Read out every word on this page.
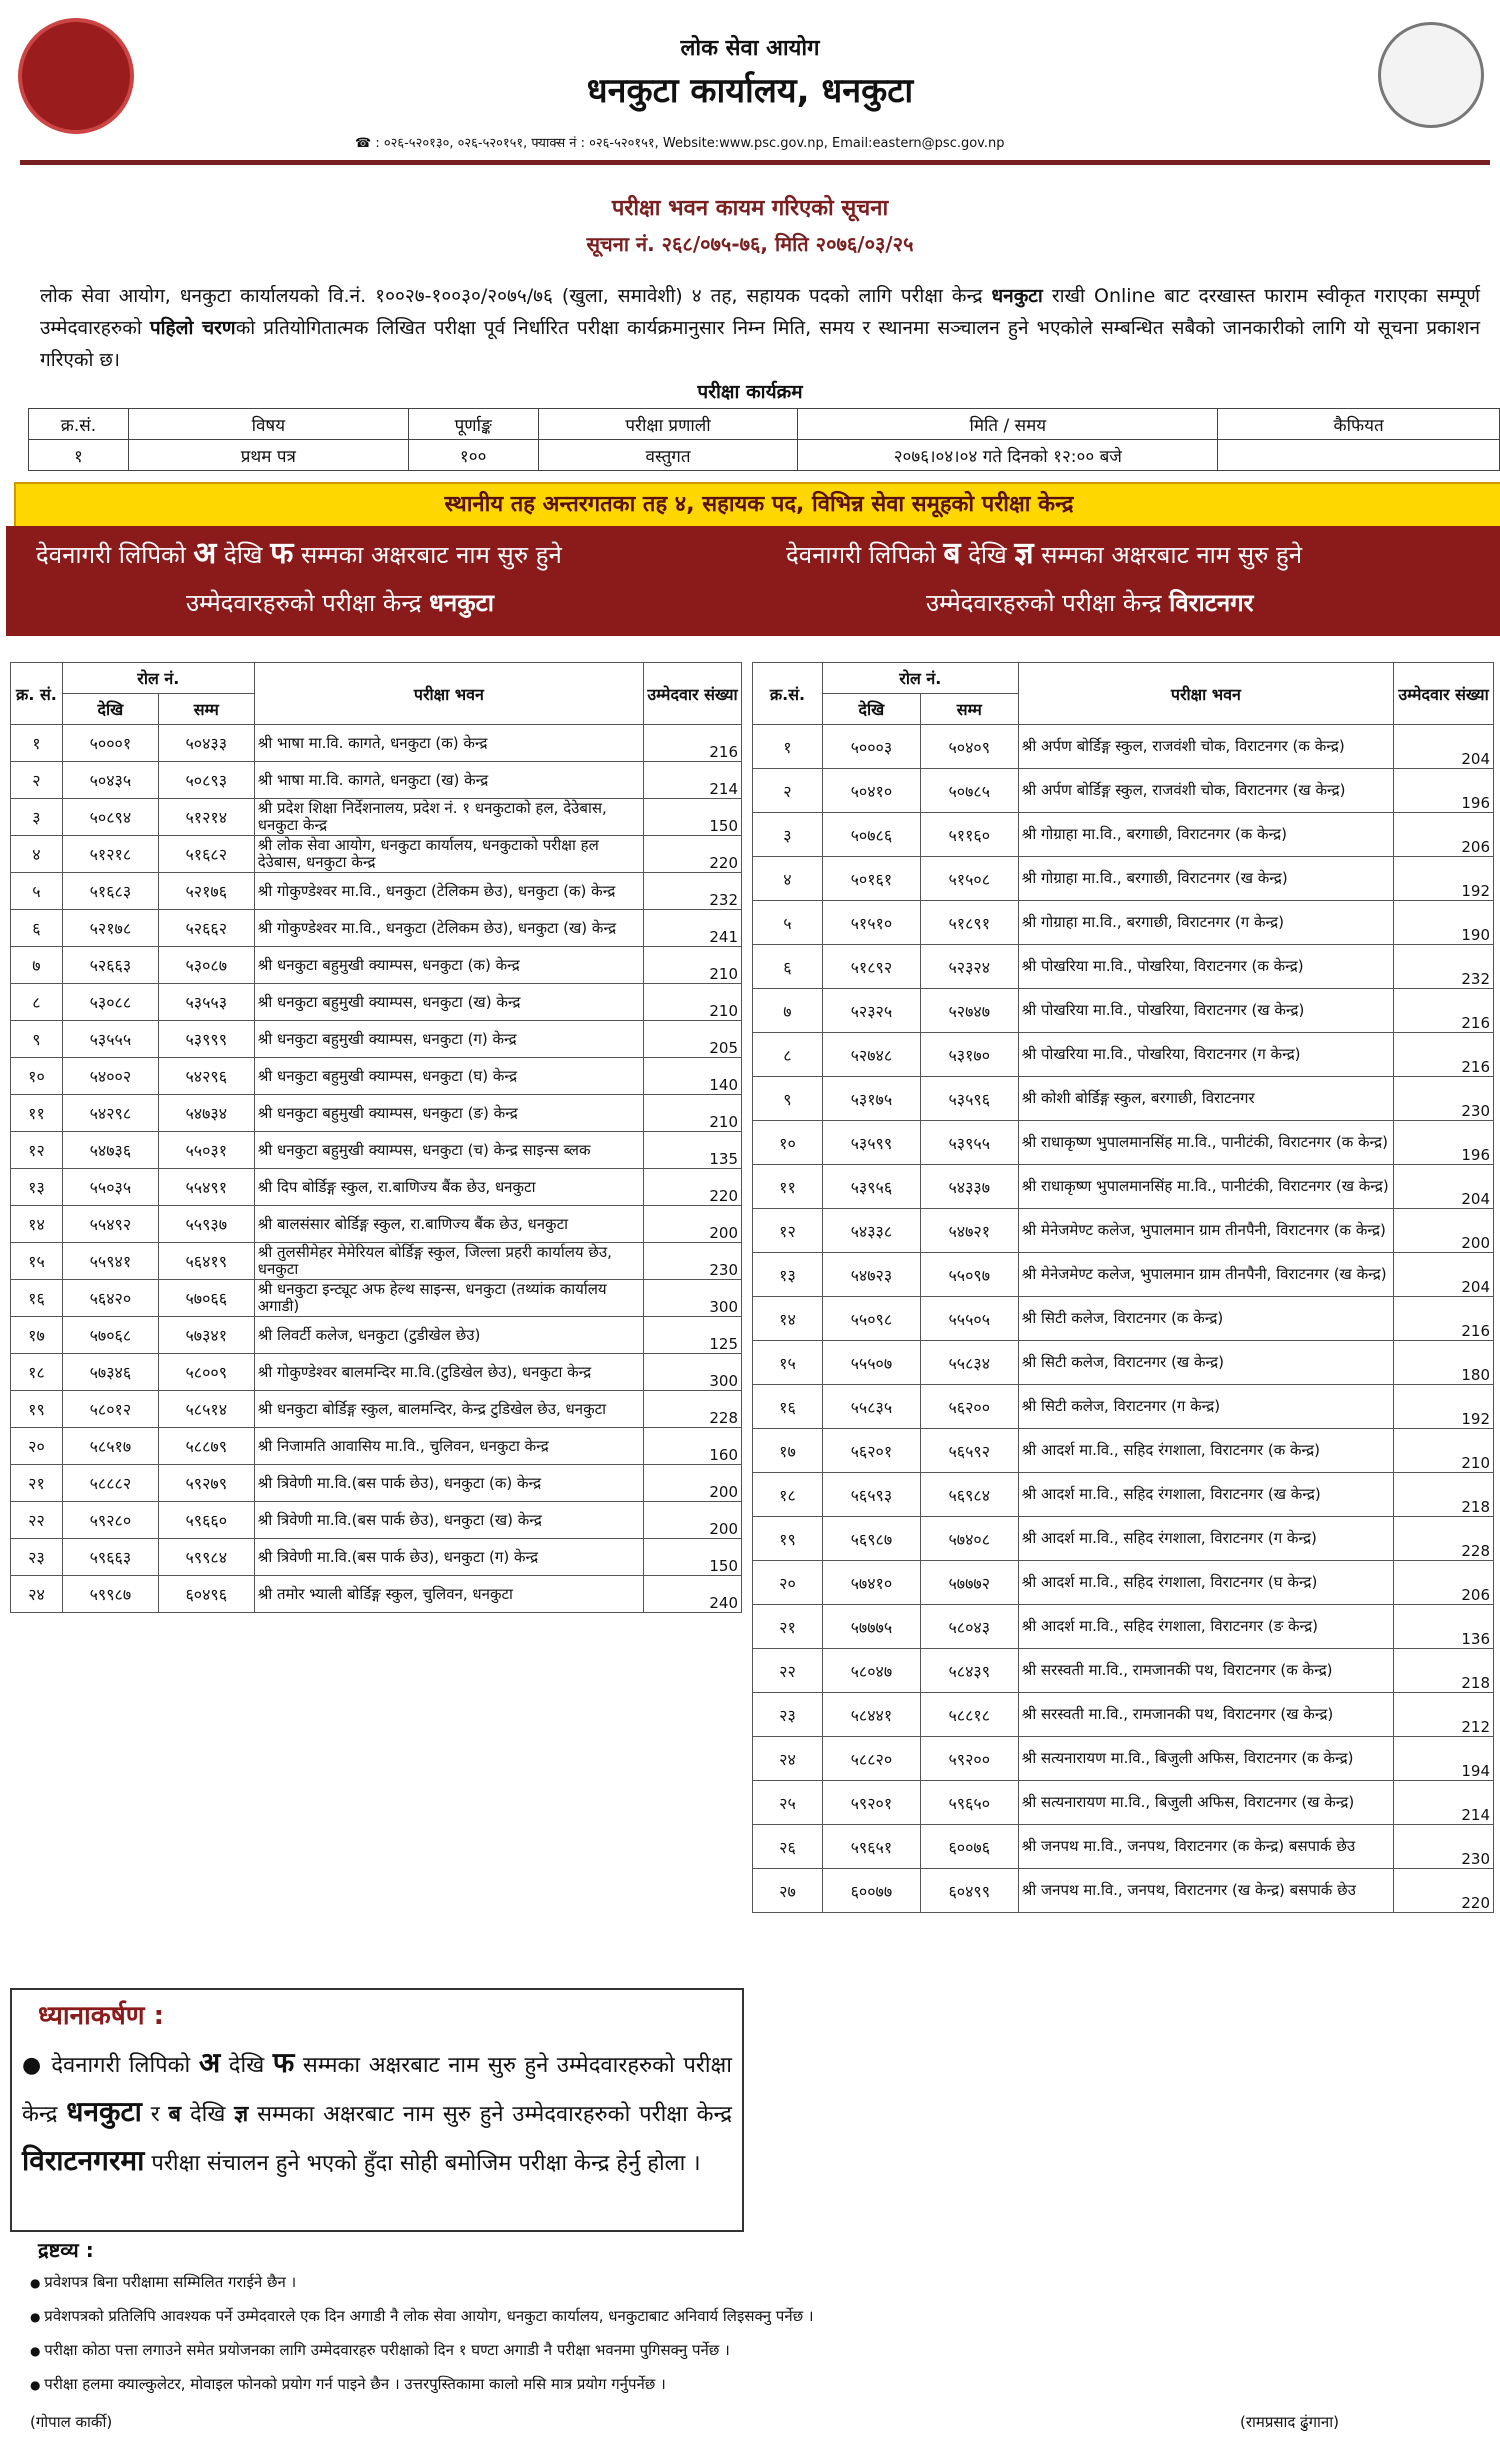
लोक सेवा आयोग
धनकुटा कार्यालय, धनकुटा
☎ : ०२६-५२०१३०, ०२६-५२०१५१, फ्याक्स नं : ०२६-५२०१५१, Website:www.psc.gov.np, Email:eastern@psc.gov.np
परीक्षा भवन कायम गरिएको सूचना
सूचना नं. २६८/०७५-७६, मिति २०७६/०३/२५
लोक सेवा आयोग, धनकुटा कार्यालयको वि.नं. १००२७-१००३०/२०७५/७६ (खुला, समावेशी) ४ तह, सहायक पदको लागि परीक्षा केन्द्र धनकुटा राखी Online बाट दरखास्त फाराम स्वीकृत गराएका सम्पूर्ण उम्मेदवारहरुको पहिलो चरणको प्रतियोगितात्मक लिखित परीक्षा पूर्व निर्धारित परीक्षा कार्यक्रमानुसार निम्न मिति, समय र स्थानमा सञ्चालन हुने भएकोले सम्बन्धित सबैको जानकारीको लागि यो सूचना प्रकाशन गरिएको छ।
परीक्षा कार्यक्रम
क्र.सं.	विषय	पूर्णाङ्क	परीक्षा प्रणाली	मिति / समय	कैफियत
१	प्रथम पत्र	१००	वस्तुगत	२०७६।०४।०४ गते दिनको १२:०० बजे	
स्थानीय तह अन्तरगतका तह ४, सहायक पद, विभिन्न सेवा समूहको परीक्षा केन्द्र
देवनागरी लिपिको अ देखि फ सम्मका अक्षरबाट नाम सुरु हुने
उम्मेदवारहरुको परीक्षा केन्द्र धनकुटा
देवनागरी लिपिको ब देखि ज्ञ सम्मका अक्षरबाट नाम सुरु हुने
उम्मेदवारहरुको परीक्षा केन्द्र विराटनगर
क्र. सं.	रोल नं.		परीक्षा भवन	उम्मेदवार संख्या
	देखि	सम्म		
१	५०००१	५०४३३	श्री भाषा मा.वि. कागते, धनकुटा (क) केन्द्र	216
२	५०४३५	५०८९३	श्री भाषा मा.वि. कागते, धनकुटा (ख) केन्द्र	214
३	५०८९४	५१२१४	श्री प्रदेश शिक्षा निर्देशनालय, प्रदेश नं. १ धनकुटाको हल, देउेबास, धनकुटा केन्द्र	150
४	५१२१८	५१६८२	श्री लोक सेवा आयोग, धनकुटा कार्यालय, धनकुटाको परीक्षा हल देउेबास, धनकुटा केन्द्र	220
५	५१६८३	५२१७६	श्री गोकुण्डेश्वर मा.वि., धनकुटा (टेलिकम छेउ), धनकुटा (क) केन्द्र	232
६	५२१७८	५२६६२	श्री गोकुण्डेश्वर मा.वि., धनकुटा (टेलिकम छेउ), धनकुटा (ख) केन्द्र	241
७	५२६६३	५३०८७	श्री धनकुटा बहुमुखी क्याम्पस, धनकुटा (क) केन्द्र	210
८	५३०८८	५३५५३	श्री धनकुटा बहुमुखी क्याम्पस, धनकुटा (ख) केन्द्र	210
९	५३५५५	५३९९९	श्री धनकुटा बहुमुखी क्याम्पस, धनकुटा (ग) केन्द्र	205
१०	५४००२	५४२९६	श्री धनकुटा बहुमुखी क्याम्पस, धनकुटा (घ) केन्द्र	140
११	५४२९८	५४७३४	श्री धनकुटा बहुमुखी क्याम्पस, धनकुटा (ङ) केन्द्र	210
१२	५४७३६	५५०३१	श्री धनकुटा बहुमुखी क्याम्पस, धनकुटा (च) केन्द्र साइन्स ब्लक	135
१३	५५०३५	५५४९१	श्री दिप बोर्डिङ्ग स्कुल, रा.बाणिज्य बैंक छेउ, धनकुटा	220
१४	५५४९२	५५९३७	श्री बालसंसार बोर्डिङ्ग स्कुल, रा.बाणिज्य बैंक छेउ, धनकुटा	200
१५	५५९४१	५६४१९	श्री तुलसीमेहर मेमेरियल बोर्डिङ्ग स्कुल, जिल्ला प्रहरी कार्यालय छेउ, धनकुटा	230
१६	५६४२०	५७०६६	श्री धनकुटा इन्ट्यूट अफ हेल्थ साइन्स, धनकुटा (तथ्यांक कार्यालय अगाडी)	300
१७	५७०६८	५७३४१	श्री लिवर्टी कलेज, धनकुटा (टुडीखेल छेउ)	125
१८	५७३४६	५८००९	श्री गोकुण्डेश्वर बालमन्दिर मा.वि.(टुडिखेल छेउ), धनकुटा केन्द्र	300
१९	५८०१२	५८५१४	श्री धनकुटा बोर्डिङ्ग स्कुल, बालमन्दिर, केन्द्र टुडिखेल छेउ, धनकुटा	228
२०	५८५१७	५८८७९	श्री निजामति आवासिय मा.वि., चुलिवन, धनकुटा केन्द्र	160
२१	५८८८२	५९२७९	श्री त्रिवेणी मा.वि.(बस पार्क छेउ), धनकुटा (क) केन्द्र	200
२२	५९२८०	५९६६०	श्री त्रिवेणी मा.वि.(बस पार्क छेउ), धनकुटा (ख) केन्द्र	200
२३	५९६६३	५९९८४	श्री त्रिवेणी मा.वि.(बस पार्क छेउ), धनकुटा (ग) केन्द्र	150
२४	५९९८७	६०४९६	श्री तमोर भ्याली बोर्डिङ्ग स्कुल, चुलिवन, धनकुटा	240
क्र.सं.	रोल नं.		परीक्षा भवन	उम्मेदवार संख्या
	देखि	सम्म		
१	५०००३	५०४०९	श्री अर्पण बोर्डिङ्ग स्कुल, राजवंशी चोक, विराटनगर (क केन्द्र)	204
२	५०४१०	५०७८५	श्री अर्पण बोर्डिङ्ग स्कुल, राजवंशी चोक, विराटनगर (ख केन्द्र)	196
३	५०७८६	५११६०	श्री गोग्राहा मा.वि., बरगाछी, विराटनगर (क केन्द्र)	206
४	५०१६१	५१५०८	श्री गोग्राहा मा.वि., बरगाछी, विराटनगर (ख केन्द्र)	192
५	५१५१०	५१८९१	श्री गोग्राहा मा.वि., बरगाछी, विराटनगर (ग केन्द्र)	190
६	५१८९२	५२३२४	श्री पोखरिया मा.वि., पोखरिया, विराटनगर (क केन्द्र)	232
७	५२३२५	५२७४७	श्री पोखरिया मा.वि., पोखरिया, विराटनगर (ख केन्द्र)	216
८	५२७४८	५३१७०	श्री पोखरिया मा.वि., पोखरिया, विराटनगर (ग केन्द्र)	216
९	५३१७५	५३५९६	श्री कोशी बोर्डिङ्ग स्कुल, बरगाछी, विराटनगर	230
१०	५३५९९	५३९५५	श्री राधाकृष्ण भुपालमानसिंह मा.वि., पानीटंकी, विराटनगर (क केन्द्र)	196
११	५३९५६	५४३३७	श्री राधाकृष्ण भुपालमानसिंह मा.वि., पानीटंकी, विराटनगर (ख केन्द्र)	204
१२	५४३३८	५४७२१	श्री मेनेजमेण्ट कलेज, भुपालमान ग्राम तीनपैनी, विराटनगर (क केन्द्र)	200
१३	५४७२३	५५०९७	श्री मेनेजमेण्ट कलेज, भुपालमान ग्राम तीनपैनी, विराटनगर (ख केन्द्र)	204
१४	५५०९८	५५५०५	श्री सिटी कलेज, विराटनगर (क केन्द्र)	216
१५	५५५०७	५५८३४	श्री सिटी कलेज, विराटनगर (ख केन्द्र)	180
१६	५५८३५	५६२००	श्री सिटी कलेज, विराटनगर (ग केन्द्र)	192
१७	५६२०१	५६५९२	श्री आदर्श मा.वि., सहिद रंगशाला, विराटनगर (क केन्द्र)	210
१८	५६५९३	५६९८४	श्री आदर्श मा.वि., सहिद रंगशाला, विराटनगर (ख केन्द्र)	218
१९	५६९८७	५७४०८	श्री आदर्श मा.वि., सहिद रंगशाला, विराटनगर (ग केन्द्र)	228
२०	५७४१०	५७७७२	श्री आदर्श मा.वि., सहिद रंगशाला, विराटनगर (घ केन्द्र)	206
२१	५७७७५	५८०४३	श्री आदर्श मा.वि., सहिद रंगशाला, विराटनगर (ङ केन्द्र)	136
२२	५८०४७	५८४३९	श्री सरस्वती मा.वि., रामजानकी पथ, विराटनगर (क केन्द्र)	218
२३	५८४४१	५८८१८	श्री सरस्वती मा.वि., रामजानकी पथ, विराटनगर (ख केन्द्र)	212
२४	५८८२०	५९२००	श्री सत्यनारायण मा.वि., बिजुली अफिस, विराटनगर (क केन्द्र)	194
२५	५९२०१	५९६५०	श्री सत्यनारायण मा.वि., बिजुली अफिस, विराटनगर (ख केन्द्र)	214
२६	५९६५१	६००७६	श्री जनपथ मा.वि., जनपथ, विराटनगर (क केन्द्र) बसपार्क छेउ	230
२७	६००७७	६०४९९	श्री जनपथ मा.वि., जनपथ, विराटनगर (ख केन्द्र) बसपार्क छेउ	220
ध्यानाकर्षण :
● देवनागरी लिपिको अ देखि फ सम्मका अक्षरबाट नाम सुरु हुने उम्मेदवारहरुको परीक्षा केन्द्र धनकुटा र ब देखि ज्ञ सम्मका अक्षरबाट नाम सुरु हुने उम्मेदवारहरुको परीक्षा केन्द्र विराटनगरमा परीक्षा संचालन हुने भएको हुँदा सोही बमोजिम परीक्षा केन्द्र हेर्नु होला ।
द्रष्टव्य :
● प्रवेशपत्र बिना परीक्षामा सम्मिलित गराईने छैन ।
● प्रवेशपत्रको प्रतिलिपि आवश्यक पर्ने उम्मेदवारले एक दिन अगाडी नै लोक सेवा आयोग, धनकुटा कार्यालय, धनकुटाबाट अनिवार्य लिइसक्नु पर्नेछ ।
● परीक्षा कोठा पत्ता लगाउने समेत प्रयोजनका लागि उम्मेदवारहरु परीक्षाको दिन १ घण्टा अगाडी नै परीक्षा भवनमा पुगिसक्नु पर्नेछ ।
● परीक्षा हलमा क्याल्कुलेटर, मोवाइल फोनको प्रयोग गर्न पाइने छैन । उत्तरपुस्तिकामा कालो मसि मात्र प्रयोग गर्नुपर्नेछ ।
(गोपाल कार्की)	(रामप्रसाद ढुंगाना)
